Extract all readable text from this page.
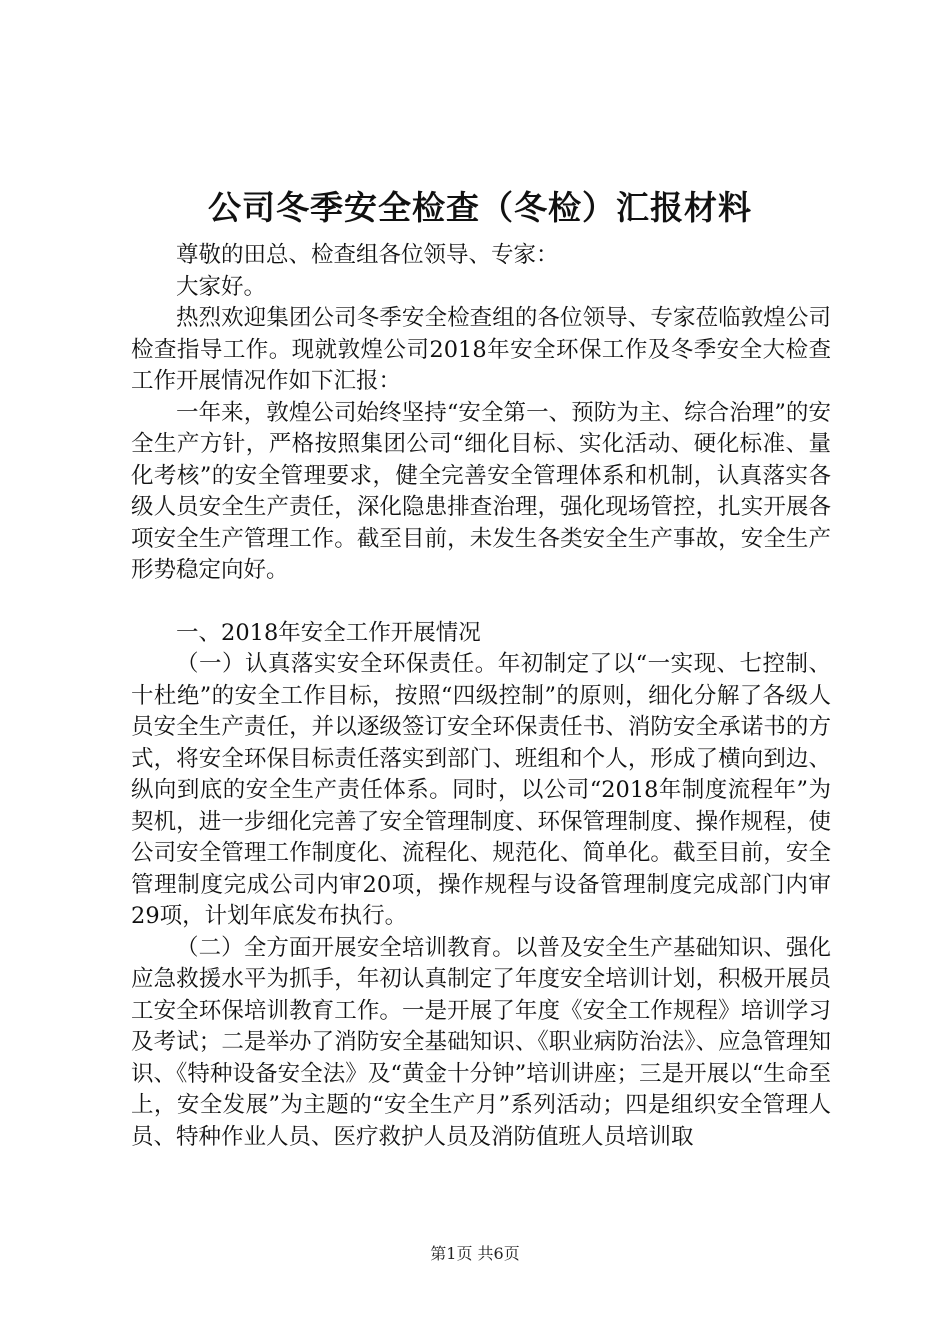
公司冬季安全检查（冬检）汇报材料

尊敬的田总、检查组各位领导、专家：

大家好。

热烈欢迎集团公司冬季安全检查组的各位领导、专家莅临敦煌公司检查指导工作。现就敦煌公司2018年安全环保工作及冬季安全大检查工作开展情况作如下汇报：

一年来，敦煌公司始终坚持“安全第一、预防为主、综合治理”的安全生产方针，严格按照集团公司“细化目标、实化活动、硬化标准、量化考核”的安全管理要求，健全完善安全管理体系和机制，认真落实各级人员安全生产责任，深化隐患排查治理，强化现场管控，扎实开展各项安全生产管理工作。截至目前，未发生各类安全生产事故，安全生产形势稳定向好。

一、2018年安全工作开展情况

（一）认真落实安全环保责任。年初制定了以“一实现、七控制、十杜绝”的安全工作目标，按照“四级控制”的原则，细化分解了各级人员安全生产责任，并以逐级签订安全环保责任书、消防安全承诺书的方式，将安全环保目标责任落实到部门、班组和个人，形成了横向到边、纵向到底的安全生产责任体系。同时，以公司“2018年制度流程年”为契机，进一步细化完善了安全管理制度、环保管理制度、操作规程，使公司安全管理工作制度化、流程化、规范化、简单化。截至目前，安全管理制度完成公司内审20项，操作规程与设备管理制度完成部门内审29项，计划年底发布执行。

（二）全方面开展安全培训教育。以普及安全生产基础知识、强化应急救援水平为抓手，年初认真制定了年度安全培训计划，积极开展员工安全环保培训教育工作。一是开展了年度《安全工作规程》培训学习及考试；二是举办了消防安全基础知识、《职业病防治法》、应急管理知识、《特种设备安全法》及“黄金十分钟”培训讲座；三是开展以“生命至上，安全发展”为主题的“安全生产月”系列活动；四是组织安全管理人员、特种作业人员、医疗救护人员及消防值班人员培训取

第1页 共6页
